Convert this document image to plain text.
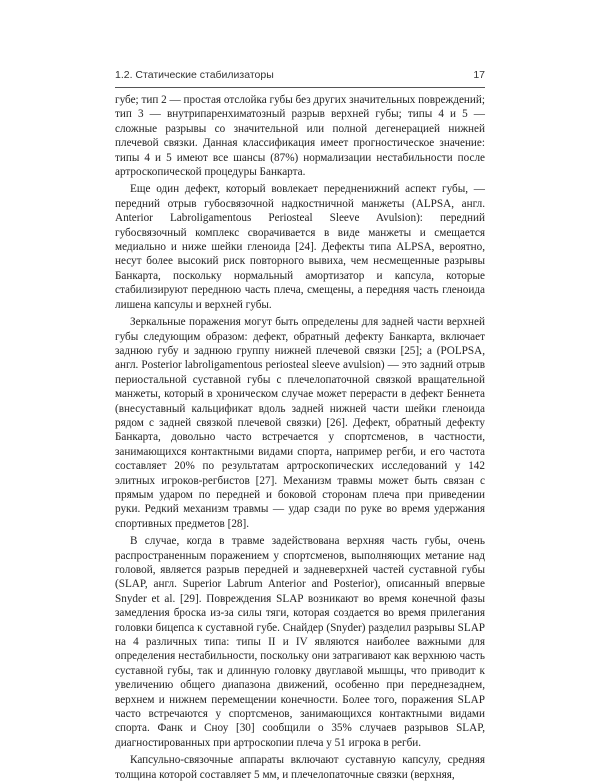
1.2. Статические стабилизаторы	17

губе; тип 2 — простая отслойка губы без других значительных повреждений; тип 3 — внутрипаренхиматозный разрыв верхней губы; типы 4 и 5 — сложные разрывы со значительной или полной дегенерацией нижней плечевой связки. Данная классификация имеет прогностическое значение: типы 4 и 5 имеют все шансы (87%) нормализации нестабильности после артроскопической процедуры Банкарта.

Еще один дефект, который вовлекает передненижний аспект губы, — передний отрыв губосвязочной надкостничной манжеты (ALPSA, англ. Anterior Labroligamentous Periosteal Sleeve Avulsion): передний губосвязочный комплекс сворачивается в виде манжеты и смещается медиально и ниже шейки гленоида [24]. Дефекты типа ALPSA, вероятно, несут более высокий риск повторного вывиха, чем несмещенные разрывы Банкарта, поскольку нормальный амортизатор и капсула, которые стабилизируют переднюю часть плеча, смещены, а передняя часть гленоида лишена капсулы и верхней губы.

Зеркальные поражения могут быть определены для задней части верхней губы следующим образом: дефект, обратный дефекту Банкарта, включает заднюю губу и заднюю группу нижней плечевой связки [25]; а (POLPSA, англ. Posterior labroligamentous periosteal sleeve avulsion) — это задний отрыв периостальной суставной губы с плечелопаточной связкой вращательной манжеты, который в хроническом случае может перерасти в дефект Беннета (внесуставный кальцификат вдоль задней нижней части шейки гленоида рядом с задней связкой плечевой связки) [26]. Дефект, обратный дефекту Банкарта, довольно часто встречается у спортсменов, в частности, занимающихся контактными видами спорта, например регби, и его частота составляет 20% по результатам артроскопических исследований у 142 элитных игроков-регбистов [27]. Механизм травмы может быть связан с прямым ударом по передней и боковой сторонам плеча при приведении руки. Редкий механизм травмы — удар сзади по руке во время удержания спортивных предметов [28].

В случае, когда в травме задействована верхняя часть губы, очень распространенным поражением у спортсменов, выполняющих метание над головой, является разрыв передней и задневерхней частей суставной губы (SLAP, англ. Superior Labrum Anterior and Posterior), описанный впервые Snyder et al. [29]. Повреждения SLAP возникают во время конечной фазы замедления броска из-за силы тяги, которая создается во время прилегания головки бицепса к суставной губе. Снайдер (Snyder) разделил разрывы SLAP на 4 различных типа: типы II и IV являются наиболее важными для определения нестабильности, поскольку они затрагивают как верхнюю часть суставной губы, так и длинную головку двуглавой мышцы, что приводит к увеличению общего диапазона движений, особенно при переднезаднем, верхнем и нижнем перемещении конечности. Более того, поражения SLAP часто встречаются у спортсменов, занимающихся контактными видами спорта. Фанк и Сноу [30] сообщили о 35% случаев разрывов SLAP, диагностированных при артроскопии плеча у 51 игрока в регби.

Капсульно-связочные аппараты включают суставную капсулу, средняя толщина которой составляет 5 мм, и плечелопаточные связки (верхняя,
